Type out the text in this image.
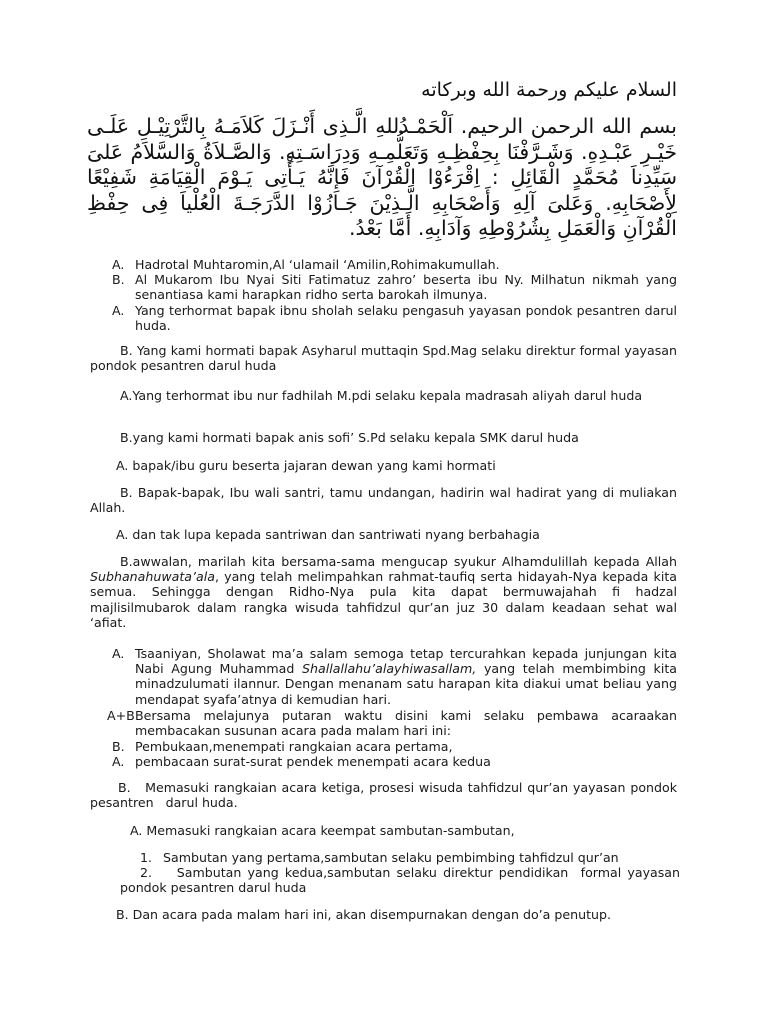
السلام عليكم ورحمة الله وبركاته
بسم الله الرحمن الرحيم. اَلْحَمْـدُللهِ الَّـذِى أَنْـزَلَ كَلاَمَـهُ بِالتَّرْتِيْـلِ عَلَـى خَيْـرِ عَبْـدِهِ. وَشَـرَّفْنَا بِحِفْظِـهِ وَتَعَلُّمِـهِ وَدِرَاسَـتِهِ. وَالصَّـلاَةُ وَالسَّلاَمُ عَلىَ سَيِّدِناَ مُحَمَّدٍ الْقَائِلِ : اِقْرَءُوْا الْقُرْآنَ فَإِنَّهُ يَـأْتِى يَـوْمَ الْقِيَامَةِ شَفِيْعًا لِأَصْحَابِهِ. وَعَلىَ آلِهِ وَأَصْحَابِهِ الَّـذِيْنَ جَـازُوْا الدَّرَجَـةَ الْعُلْياَ فِى حِفْظِ الْقُرْآنِ وَالْعَمَلِ بِشُرُوْطِهِ وَآدَابِهِ. أَمَّا بَعْدُ.
A. Hadrotal Muhtaromin,Al ‘ulamail ‘Amilin,Rohimakumullah.
B. Al Mukarom Ibu Nyai Siti Fatimatuz zahro’ beserta ibu Ny. Milhatun nikmah yang senantiasa kami harapkan ridho serta barokah ilmunya.
A. Yang terhormat bapak ibnu sholah selaku pengasuh yayasan pondok pesantren darul huda.
B. Yang kami hormati bapak Asyharul muttaqin Spd.Mag selaku direktur formal yayasan pondok pesantren darul huda
A.Yang terhormat ibu nur fadhilah M.pdi selaku kepala madrasah aliyah darul huda
B.yang kami hormati bapak anis sofi’ S.Pd selaku kepala SMK darul huda
A. bapak/ibu guru beserta jajaran dewan yang kami hormati
B. Bapak-bapak, Ibu wali santri, tamu undangan, hadirin wal hadirat yang di muliakan Allah.
A. dan tak lupa kepada santriwan dan santriwati nyang berbahagia
B.awwalan, marilah kita bersama-sama mengucap syukur Alhamdulillah kepada Allah Subhanahuwata’ala, yang telah melimpahkan rahmat-taufiq serta hidayah-Nya kepada kita semua. Sehingga dengan Ridho-Nya pula kita dapat bermuwajahah fi hadzal majlisilmubarok dalam rangka wisuda tahfidzul qur’an juz 30 dalam keadaan sehat wal ‘afiat.
A. Tsaaniyan, Sholawat ma’a salam semoga tetap tercurahkan kepada junjungan kita Nabi Agung Muhammad Shallallahu’alayhiwasallam, yang telah membimbing kita minadzulumati ilannur. Dengan menanam satu harapan kita diakui umat beliau yang mendapat syafa’atnya di kemudian hari.
A+B Bersama melajunya putaran waktu disini kami selaku pembawa acaraakan membacakan susunan acara pada malam hari ini:
B. Pembukaan,menempati rangkaian acara pertama,
A. pembacaan surat-surat pendek menempati acara kedua
B.   Memasuki rangkaian acara ketiga, prosesi wisuda tahfidzul qur’an yayasan pondok pesantren   darul huda.
A. Memasuki rangkaian acara keempat sambutan-sambutan,
1. Sambutan yang pertama,sambutan selaku pembimbing tahfidzul qur’an
2. Sambutan yang kedua,sambutan selaku direktur pendidikan  formal yayasan pondok pesantren darul huda
B. Dan acara pada malam hari ini, akan disempurnakan dengan do’a penutup.
